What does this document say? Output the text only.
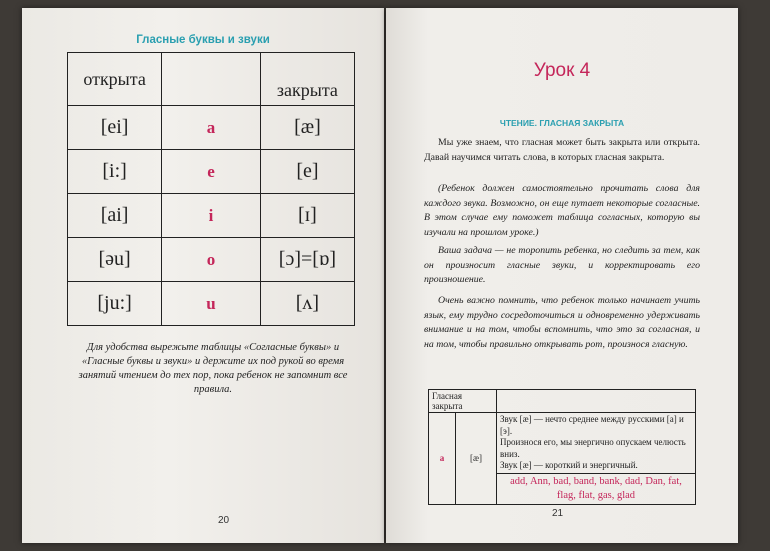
Гласные буквы и звуки
открыта		закрыта
[ei]	a	[æ]
[i:]	e	[e]
[ai]	i	[ɪ]
[əu]	o	[ɔ]=[ɒ]
[ju:]	u	[ʌ]
Для удобства вырежьте таблицы «Согласные буквы» и «Гласные буквы и звуки» и держите их под рукой во время занятий чтением до тех пор, пока ребенок не запомнит все правила.
20
Урок 4
ЧТЕНИЕ. ГЛАСНАЯ ЗАКРЫТА

Мы уже знаем, что гласная может быть закрыта или открыта. Давай научимся читать слова, в которых гласная закрыта.

(Ребенок должен самостоятельно прочитать слова для каждого звука. Возможно, он еще путает некоторые согласные. В этом случае ему поможет таблица согласных, которую вы изучали на прошлом уроке.)

Ваша задача — не торопить ребенка, но следить за тем, как он произносит гласные звуки, и корректировать его произношение.

Очень важно помнить, что ребенок только начинает учить язык, ему трудно сосредоточиться и одновременно удерживать внимание и на том, чтобы вспомнить, что это за согласная, и на том, чтобы правильно открывать рот, произнося гласную.

Гласная закрыта		
a	[æ]	Звук [æ] — нечто среднее между русскими [а] и [э].
Произнося его, мы энергично опускаем челюсть вниз.
Звук [æ] — короткий и энергичный.

		add, Ann, bad, band, bank, dad, Dan, fat, flag, flat, gas, glad
21
